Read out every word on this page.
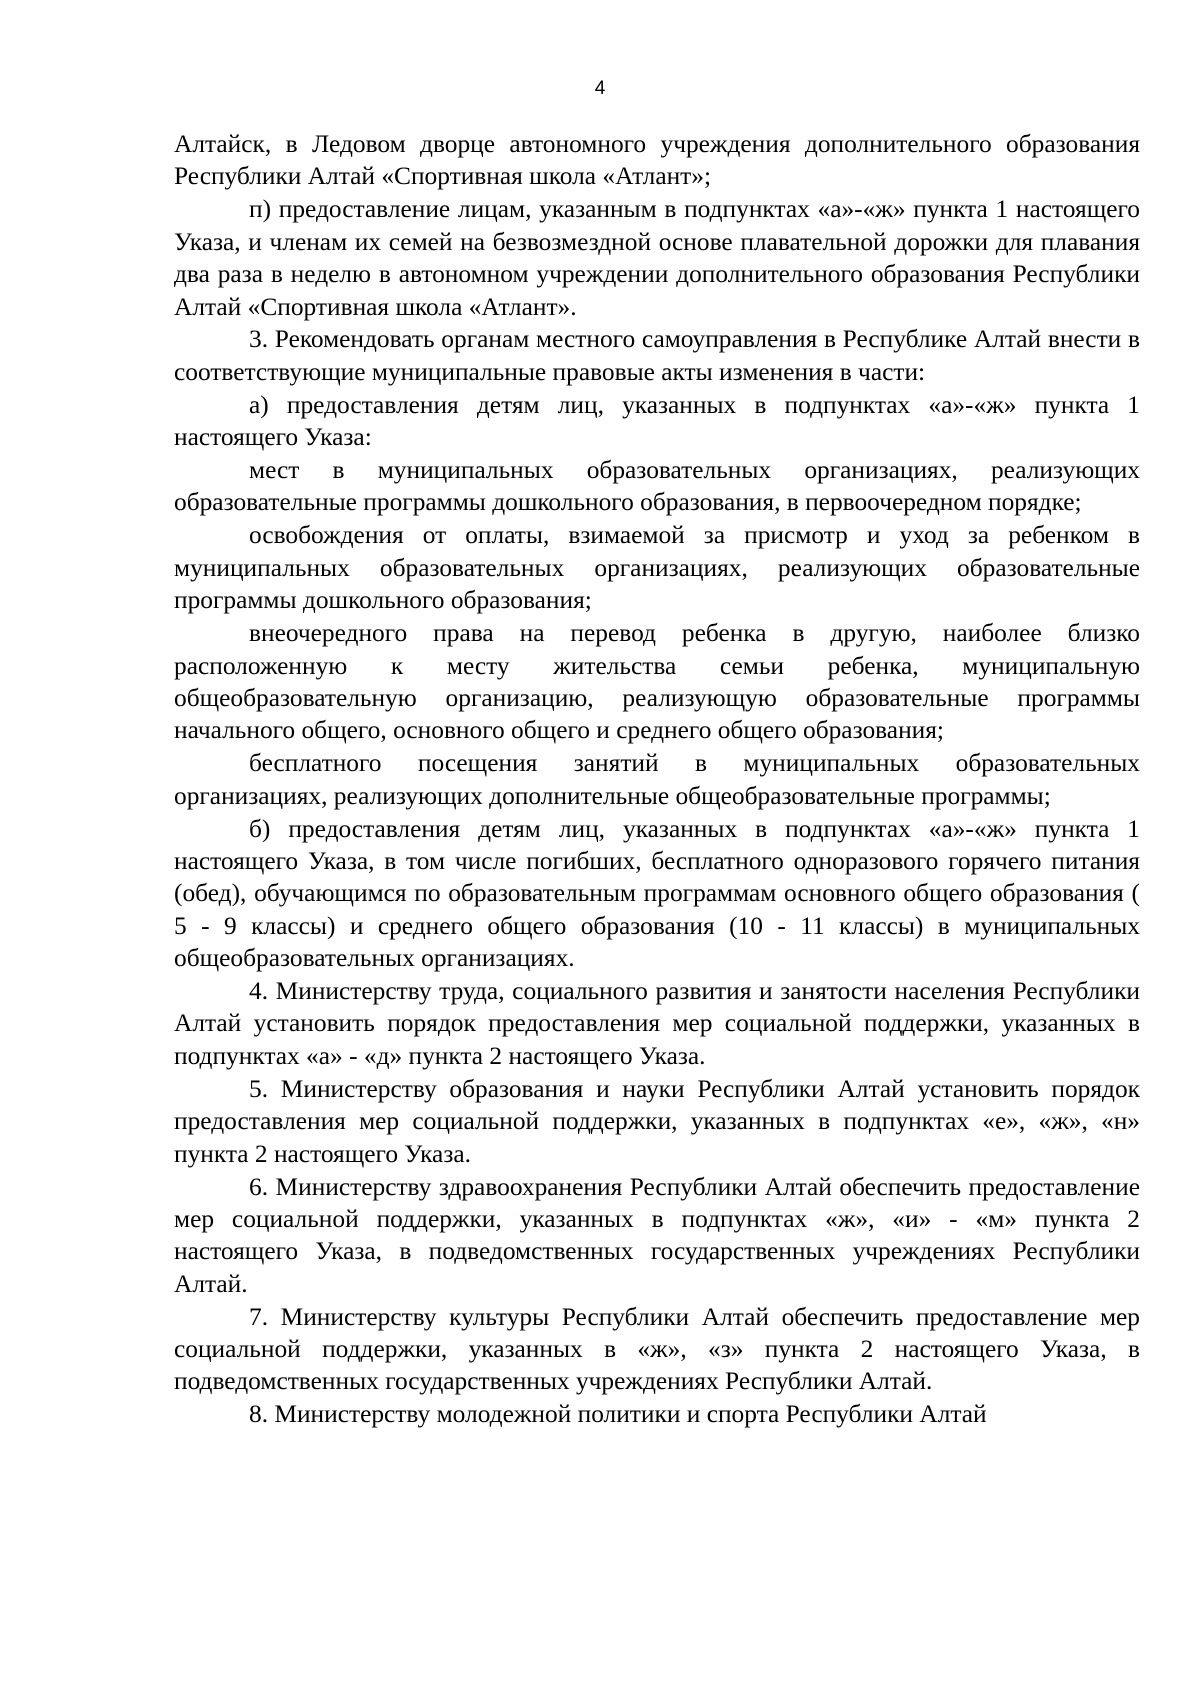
4

Алтайск, в Ледовом дворце автономного учреждения дополнительного образования Республики Алтай «Спортивная школа «Атлант»;

п) предоставление лицам, указанным в подпунктах «а»-«ж» пункта 1 настоящего Указа, и членам их семей на безвозмездной основе плавательной дорожки для плавания два раза в неделю в автономном учреждении дополнительного образования Республики Алтай «Спортивная школа «Атлант».

3. Рекомендовать органам местного самоуправления в Республике Алтай внести в соответствующие муниципальные правовые акты изменения в части:

а) предоставления детям лиц, указанных в подпунктах «а»-«ж» пункта 1 настоящего Указа:

мест в муниципальных образовательных организациях, реализующих образовательные программы дошкольного образования, в первоочередном порядке;

освобождения от оплаты, взимаемой за присмотр и уход за ребенком в муниципальных образовательных организациях, реализующих образовательные программы дошкольного образования;

внеочередного права на перевод ребенка в другую, наиболее близко расположенную к месту жительства семьи ребенка, муниципальную общеобразовательную организацию, реализующую образовательные программы начального общего, основного общего и среднего общего образования;

бесплатного посещения занятий в муниципальных образовательных организациях, реализующих дополнительные общеобразовательные программы;

б) предоставления детям лиц, указанных в подпунктах «а»-«ж» пункта 1 настоящего Указа, в том числе погибших, бесплатного одноразового горячего питания (обед), обучающимся по образовательным программам основного общего образования ( 5 - 9 классы) и среднего общего образования (10 - 11 классы) в муниципальных общеобразовательных организациях.

4. Министерству труда, социального развития и занятости населения Республики Алтай установить порядок предоставления мер социальной поддержки, указанных в подпунктах «а» - «д» пункта 2 настоящего Указа.

5. Министерству образования и науки Республики Алтай установить порядок предоставления мер социальной поддержки, указанных в подпунктах «е», «ж», «н» пункта 2 настоящего Указа.

6. Министерству здравоохранения Республики Алтай обеспечить предоставление мер социальной поддержки, указанных в подпунктах «ж», «и» - «м» пункта 2 настоящего Указа, в подведомственных государственных учреждениях Республики Алтай.

7. Министерству культуры Республики Алтай обеспечить предоставление мер социальной поддержки, указанных в «ж», «з» пункта 2 настоящего Указа, в подведомственных государственных учреждениях Республики Алтай.

8. Министерству молодежной политики и спорта Республики Алтай
